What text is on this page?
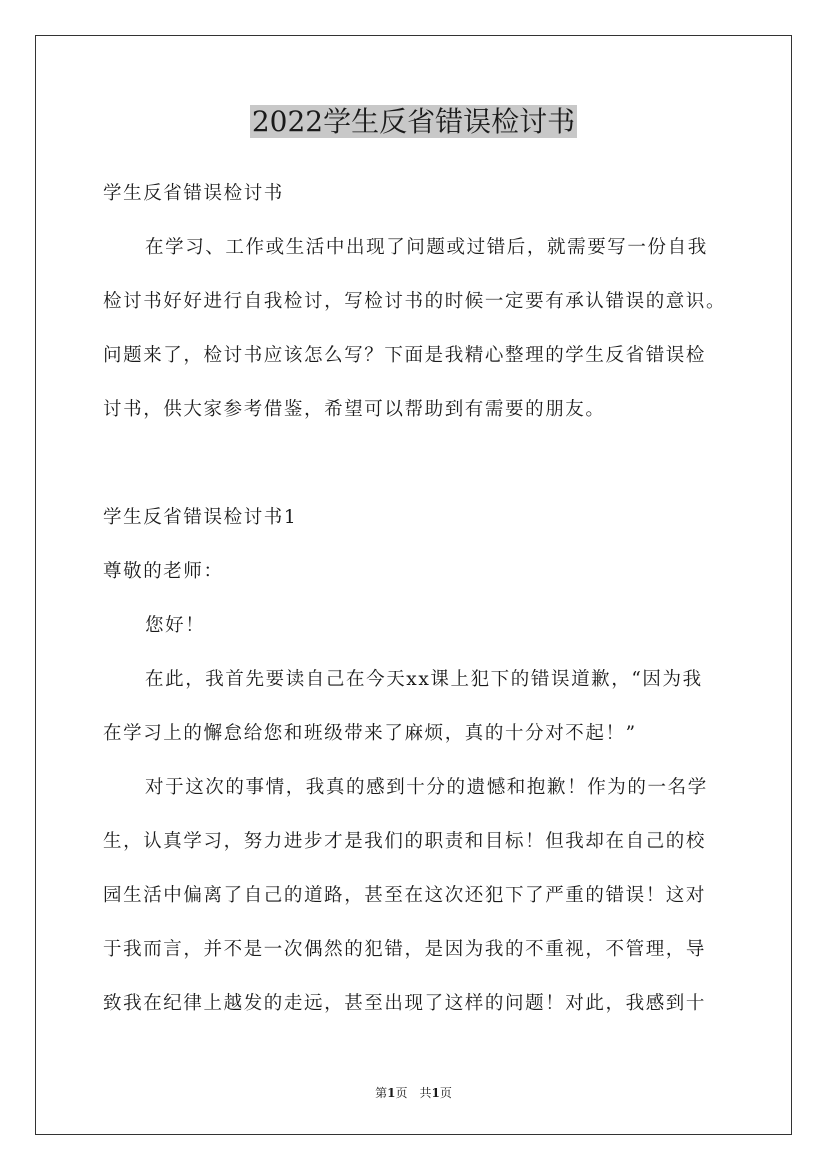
2022学生反省错误检讨书

学生反省错误检讨书

在学习、工作或生活中出现了问题或过错后，就需要写一份自我

检讨书好好进行自我检讨，写检讨书的时候一定要有承认错误的意识。

问题来了，检讨书应该怎么写？下面是我精心整理的学生反省错误检

讨书，供大家参考借鉴，希望可以帮助到有需要的朋友。

学生反省错误检讨书1

尊敬的老师：

您好！

在此，我首先要读自己在今天xx课上犯下的错误道歉，“因为我

在学习上的懈怠给您和班级带来了麻烦，真的十分对不起！”

对于这次的事情，我真的感到十分的遗憾和抱歉！作为的一名学

生，认真学习，努力进步才是我们的职责和目标！但我却在自己的校

园生活中偏离了自己的道路，甚至在这次还犯下了严重的错误！这对

于我而言，并不是一次偶然的犯错，是因为我的不重视，不管理，导

致我在纪律上越发的走远，甚至出现了这样的问题！对此，我感到十

第1页　共1页
